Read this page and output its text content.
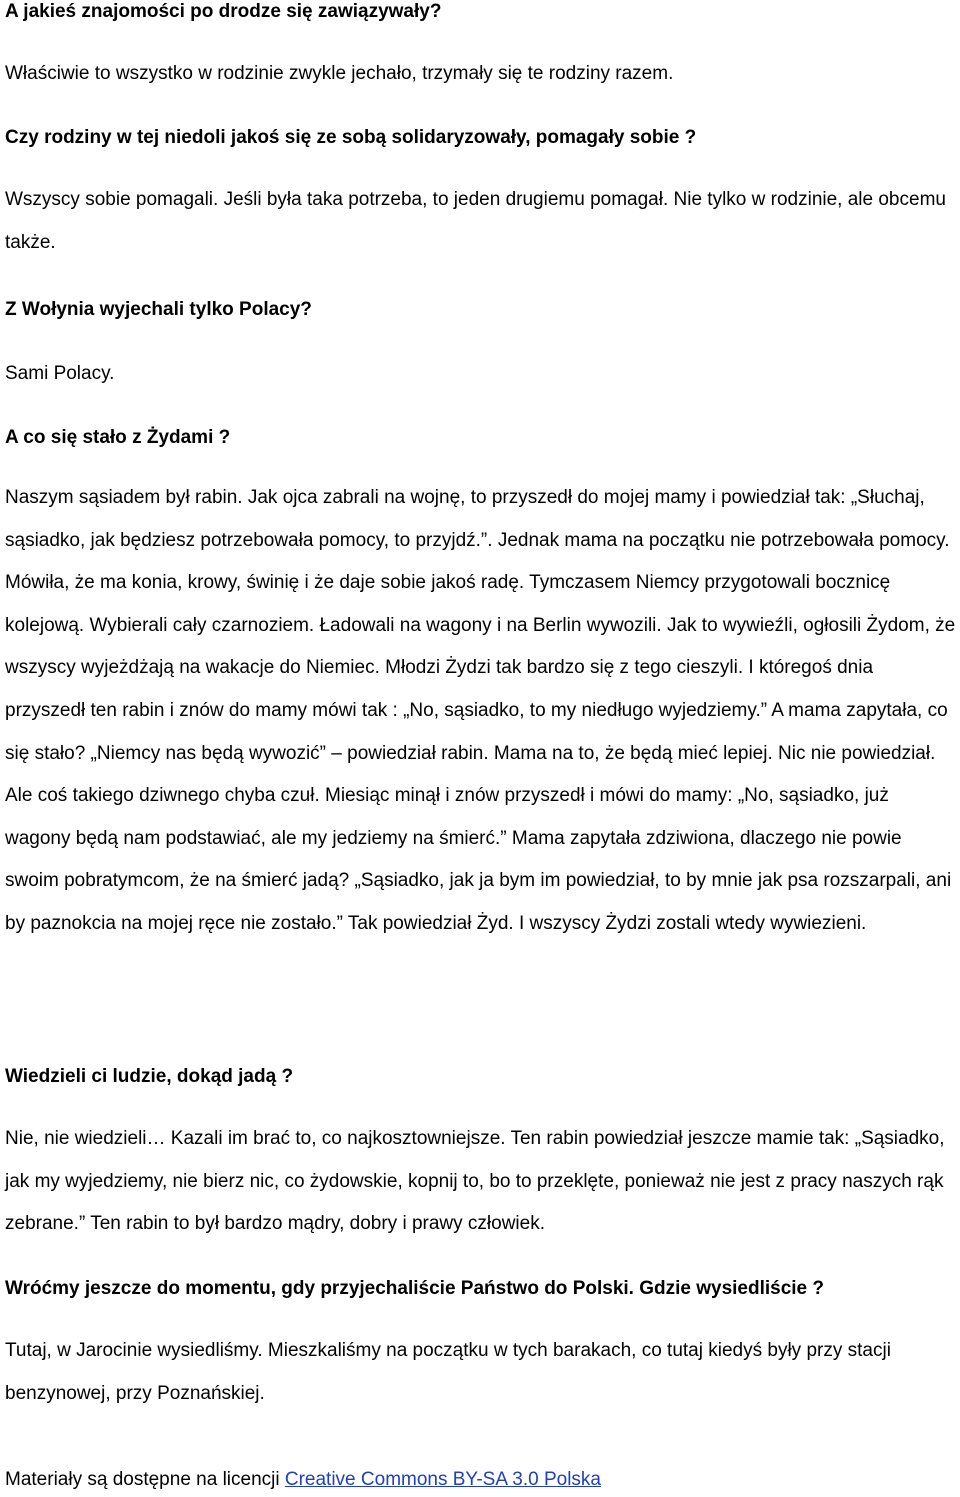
A jakieś znajomości po drodze się zawiązywały?

Właściwie to wszystko w rodzinie zwykle jechało, trzymały się te rodziny razem.

Czy rodziny w tej niedoli jakoś się ze sobą solidaryzowały, pomagały sobie ?

Wszyscy sobie pomagali. Jeśli była taka potrzeba, to jeden drugiemu pomagał. Nie tylko w rodzinie, ale obcemu także.

Z Wołynia wyjechali tylko Polacy?

Sami Polacy.

A co się stało z Żydami ?

Naszym sąsiadem był rabin. Jak ojca zabrali na wojnę, to przyszedł do mojej mamy i powiedział tak: „Słuchaj, sąsiadko, jak będziesz potrzebowała pomocy, to przyjdź.”. Jednak mama na początku nie potrzebowała pomocy. Mówiła, że ma konia, krowy, świnię i że daje sobie jakoś radę. Tymczasem Niemcy przygotowali bocznicę kolejową. Wybierali cały czarnoziem. Ładowali na wagony i na Berlin wywozili. Jak to wywieźli, ogłosili Żydom, że wszyscy wyjeżdżają na wakacje do Niemiec. Młodzi Żydzi tak bardzo się z tego cieszyli. I któregoś dnia przyszedł ten rabin i znów do mamy mówi tak : „No, sąsiadko, to my niedługo wyjedziemy.” A mama zapytała, co się stało? „Niemcy nas będą wywozić” – powiedział rabin. Mama na to, że będą mieć lepiej. Nic nie powiedział. Ale coś takiego dziwnego chyba czuł. Miesiąc minął i znów przyszedł i mówi do mamy: „No, sąsiadko, już wagony będą nam podstawiać, ale my jedziemy na śmierć.” Mama zapytała zdziwiona, dlaczego nie powie swoim pobratymcom, że na śmierć jadą? „Sąsiadko, jak ja bym im powiedział, to by mnie jak psa rozszarpali, ani by paznokcia na mojej ręce nie zostało.” Tak powiedział Żyd. I wszyscy Żydzi zostali wtedy wywiezieni.

Wiedzieli ci ludzie, dokąd jadą ?

Nie, nie wiedzieli… Kazali im brać to, co najkosztowniejsze. Ten rabin powiedział jeszcze mamie tak: „Sąsiadko, jak my wyjedziemy, nie bierz nic, co żydowskie, kopnij to, bo to przeklęte, ponieważ nie jest z pracy naszych rąk zebrane.” Ten rabin to był bardzo mądry, dobry i prawy człowiek.

Wróćmy jeszcze do momentu, gdy przyjechaliście Państwo do Polski. Gdzie wysiedliście ?

Tutaj, w Jarocinie wysiedliśmy. Mieszkaliśmy na początku w tych barakach, co tutaj kiedyś były przy stacji benzynowej, przy Poznańskiej.

Materiały są dostępne na licencji Creative Commons BY-SA 3.0 Polska
